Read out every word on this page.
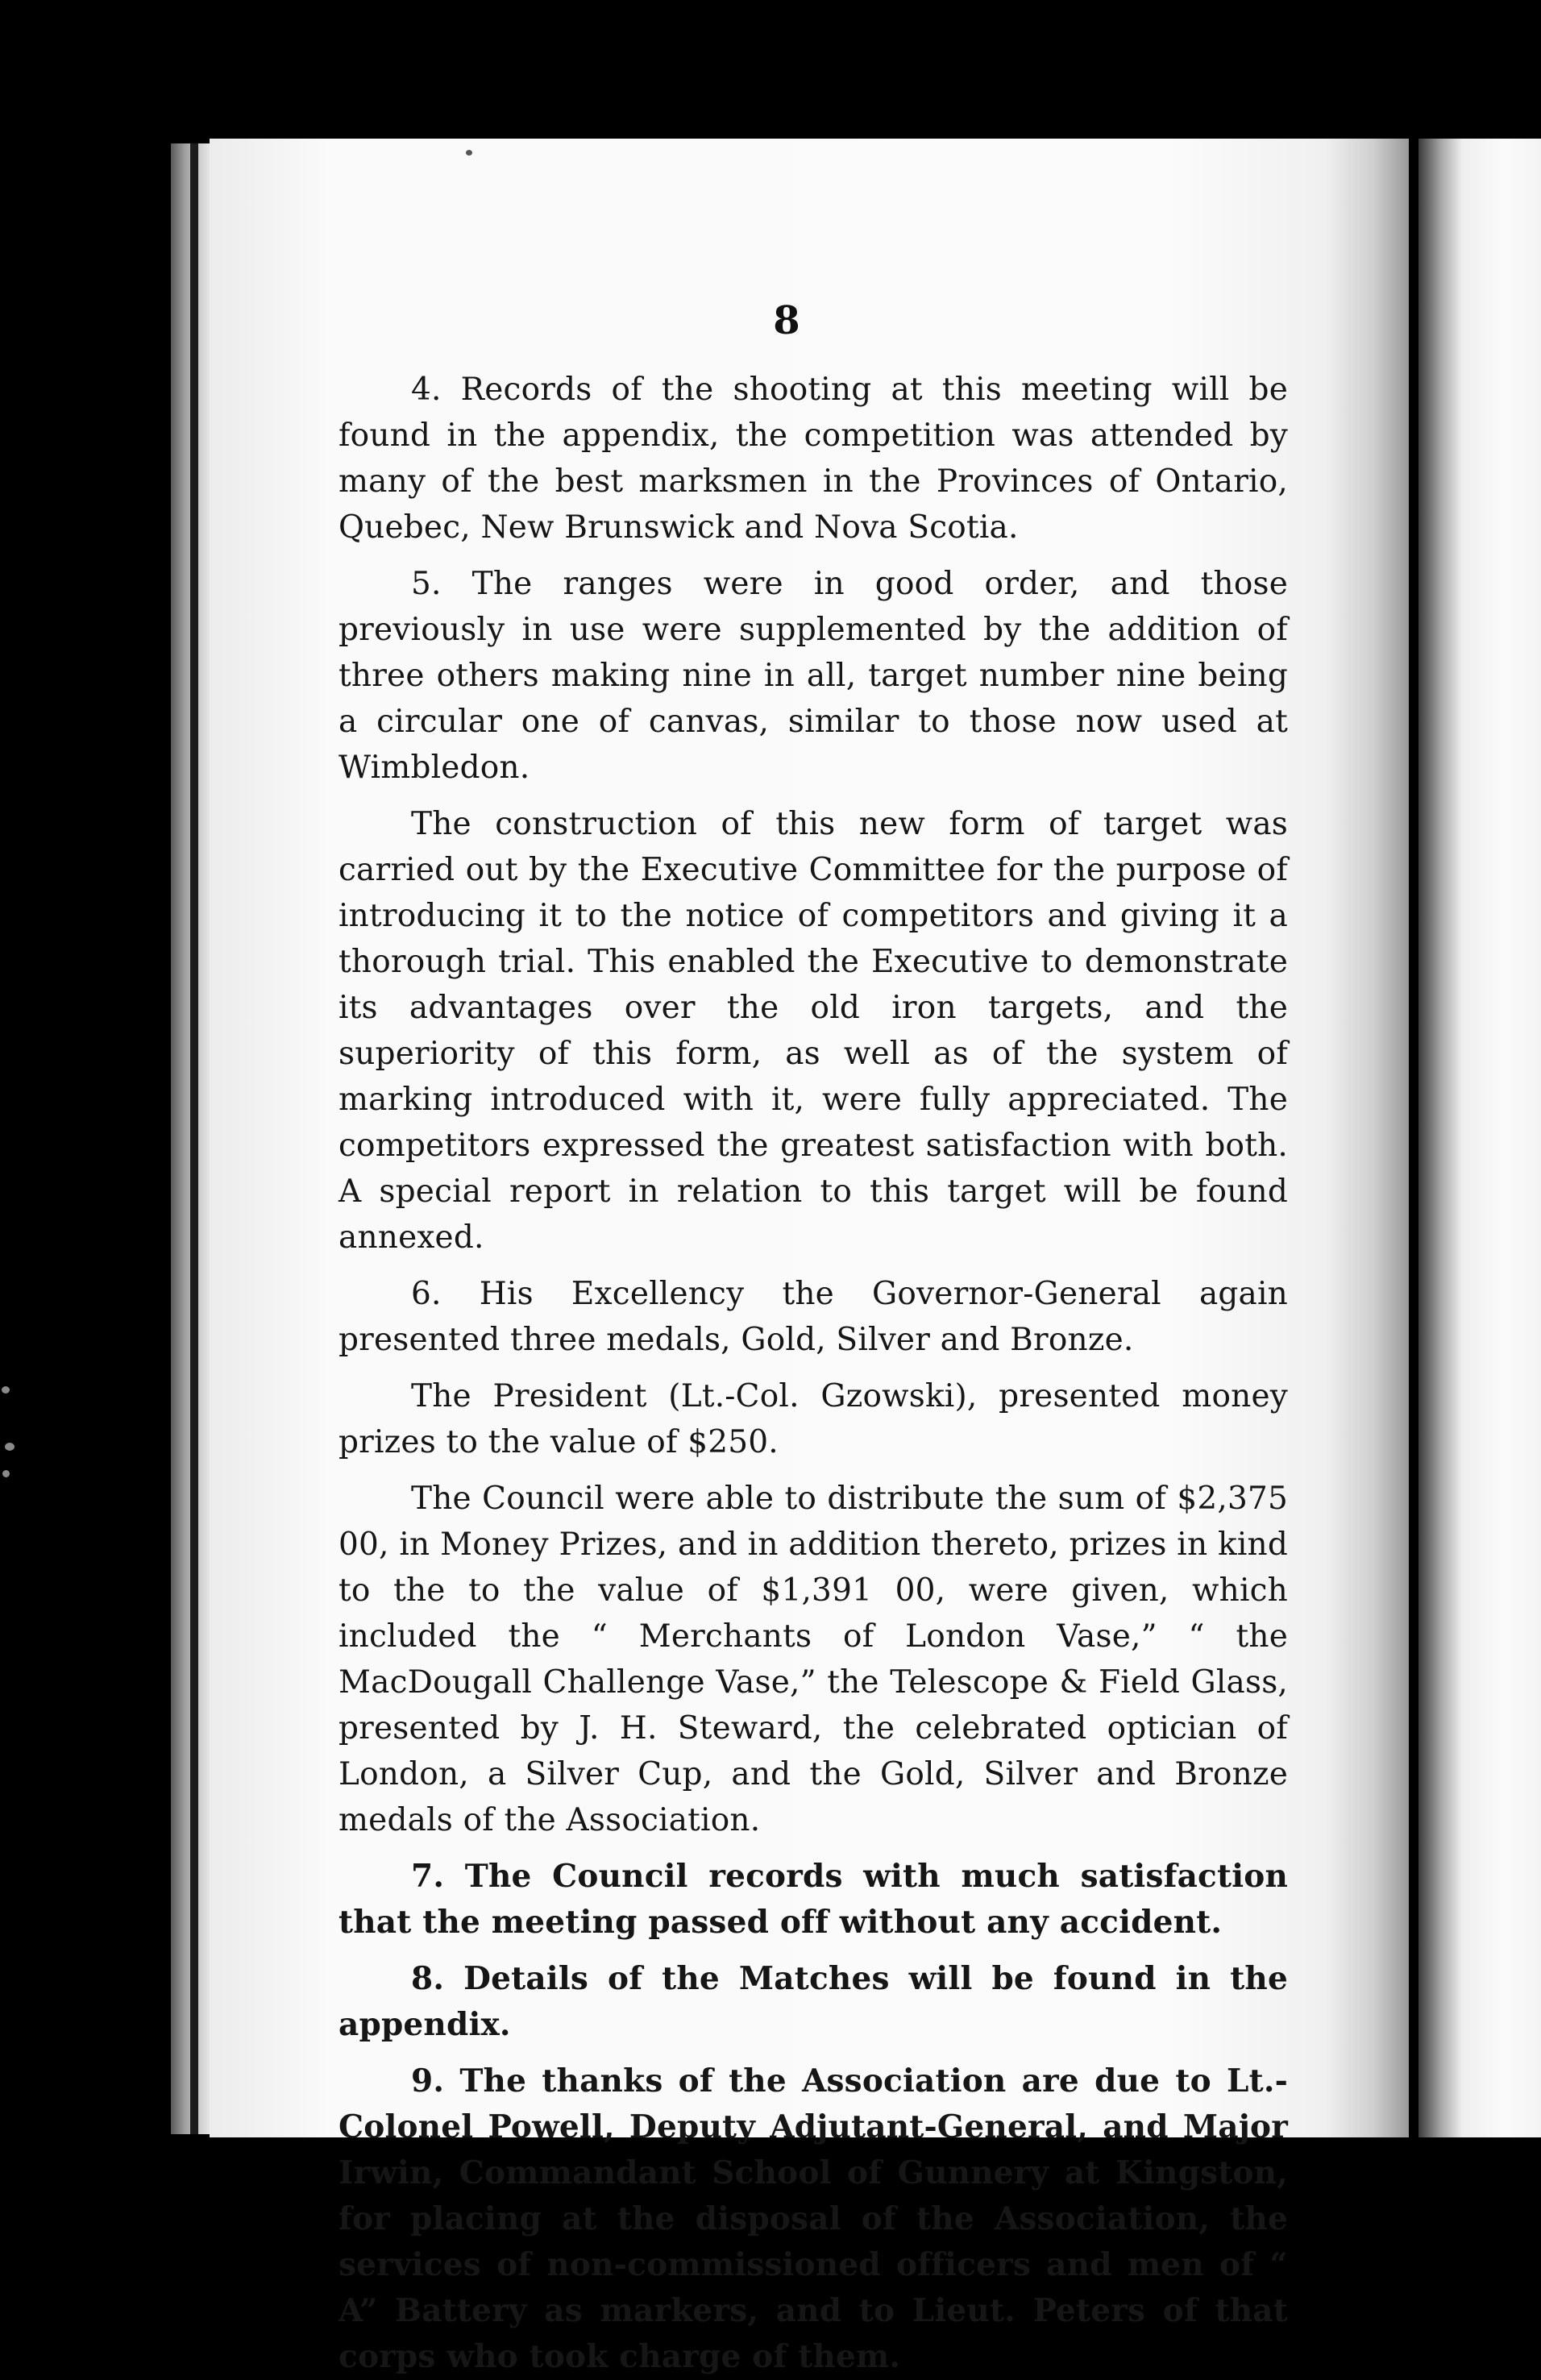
8

4. Records of the shooting at this meeting will be found in the appendix, the competition was attended by many of the best marksmen in the Provinces of Ontario, Quebec, New Brunswick and Nova Scotia.

5. The ranges were in good order, and those previously in use were supplemented by the addition of three others making nine in all, target number nine being a circular one of canvas, similar to those now used at Wimbledon.

The construction of this new form of target was carried out by the Executive Committee for the purpose of introducing it to the notice of competitors and giving it a thorough trial. This enabled the Executive to demonstrate its advantages over the old iron targets, and the superiority of this form, as well as of the system of marking introduced with it, were fully appreciated. The competitors expressed the greatest satisfaction with both. A special report in relation to this target will be found annexed.

6. His Excellency the Governor-General again presented three medals, Gold, Silver and Bronze.

The President (Lt.-Col. Gzowski), presented money prizes to the value of $250.

The Council were able to distribute the sum of $2,375 00, in Money Prizes, and in addition thereto, prizes in kind to the to the value of $1,391 00, were given, which included the “ Merchants of London Vase,” “ the MacDougall Challenge Vase,” the Telescope & Field Glass, presented by J. H. Steward, the celebrated optician of London, a Silver Cup, and the Gold, Silver and Bronze medals of the Association.

7. The Council records with much satisfaction that the meeting passed off without any accident.

8. Details of the Matches will be found in the appendix.

9. The thanks of the Association are due to Lt.-Colonel Powell, Deputy Adjutant-General, and Major Irwin, Commandant School of Gunnery at Kingston, for placing at the disposal of the Association, the services of non-commissioned officers and men of “ A” Battery as markers, and to Lieut. Peters of that corps who took charge of them.
